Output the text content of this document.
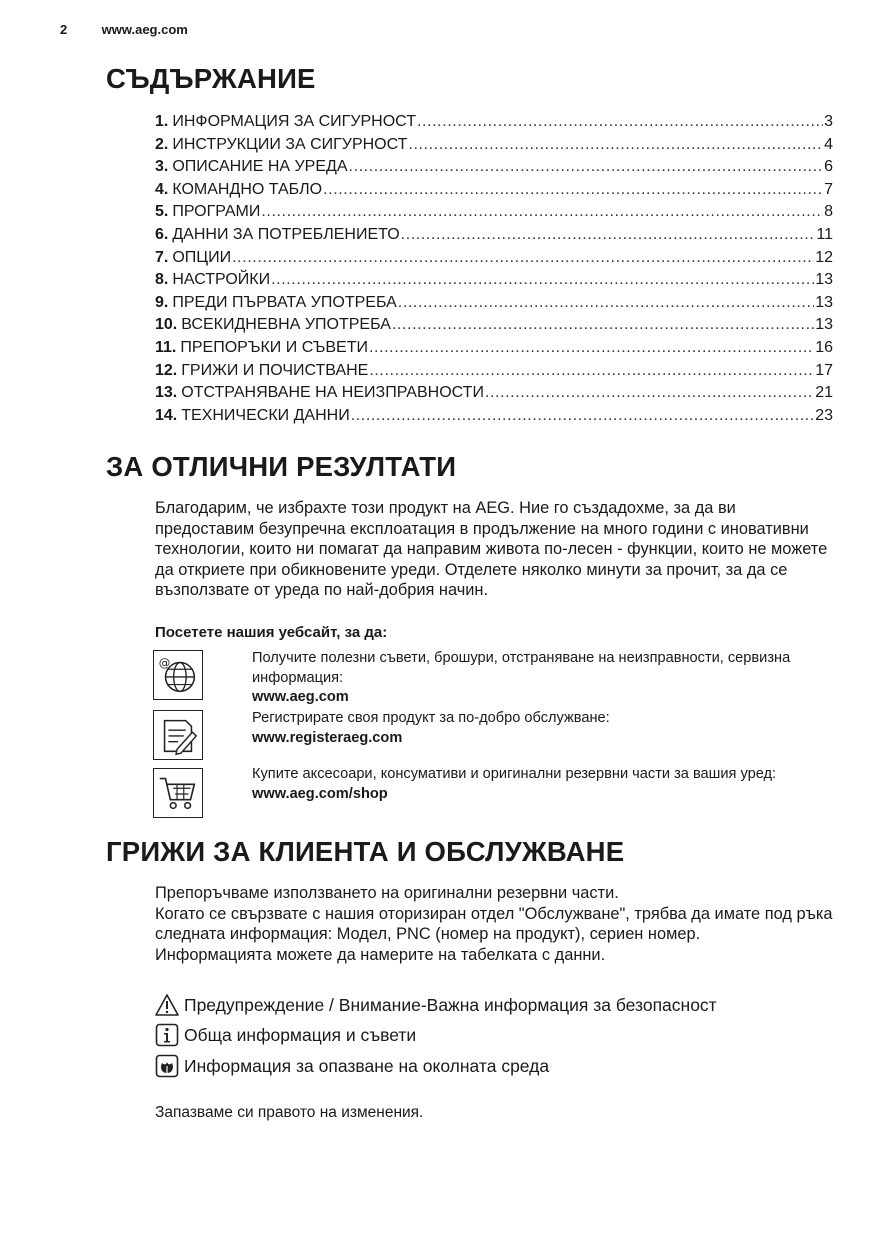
2	www.aeg.com
СЪДЪРЖАНИЕ
1. ИНФОРМАЦИЯ ЗА СИГУРНОСТ .....	3
2. ИНСТРУКЦИИ ЗА СИГУРНОСТ .....	4
3. ОПИСАНИЕ НА УРЕДА .....	6
4. КОМАНДНО ТАБЛО .....	7
5. ПРОГРАМИ .....	8
6. ДАННИ ЗА ПОТРЕБЛЕНИЕТО .....	11
7. ОПЦИИ .....	12
8. НАСТРОЙКИ .....	13
9. ПРЕДИ ПЪРВАТА УПОТРЕБА .....	13
10. ВСЕКИДНЕВНА УПОТРЕБА .....	13
11. ПРЕПОРЪКИ И СЪВЕТИ .....	16
12. ГРИЖИ И ПОЧИСТВАНЕ .....	17
13. ОТСТРАНЯВАНЕ НА НЕИЗПРАВНОСТИ .....	21
14. ТЕХНИЧЕСКИ ДАННИ .....	23
ЗА ОТЛИЧНИ РЕЗУЛТАТИ
Благодарим, че избрахте този продукт на AEG. Ние го създадохме, за да ви предоставим безупречна експлоатация в продължение на много години с иновативни технологии, които ни помагат да направим живота по-лесен - функции, които не можете да откриете при обикновените уреди. Отделете няколко минути за прочит, за да се възползвате от уреда по най-добрия начин.
Посетете нашия уебсайт, за да:
@	Получите полезни съвети, брошури, отстраняване на неизправности, сервизна информация:
www.aeg.com
Регистрирате своя продукт за по-добро обслужване:
www.registeraeg.com
Купите аксесоари, консумативи и оригинални резервни части за вашия уред:
www.aeg.com/shop
ГРИЖИ ЗА КЛИЕНТА И ОБСЛУЖВАНЕ
Препоръчваме използването на оригинални резервни части.
Когато се свързвате с нашия оторизиран отдел "Обслужване", трябва да имате под ръка следната информация: Модел, PNC (номер на продукт), сериен номер.
Информацията можете да намерите на табелката с данни.
Предупреждение / Внимание-Важна информация за безопасност
Обща информация и съвети
Информация за опазване на околната среда
Запазваме си правото на изменения.
